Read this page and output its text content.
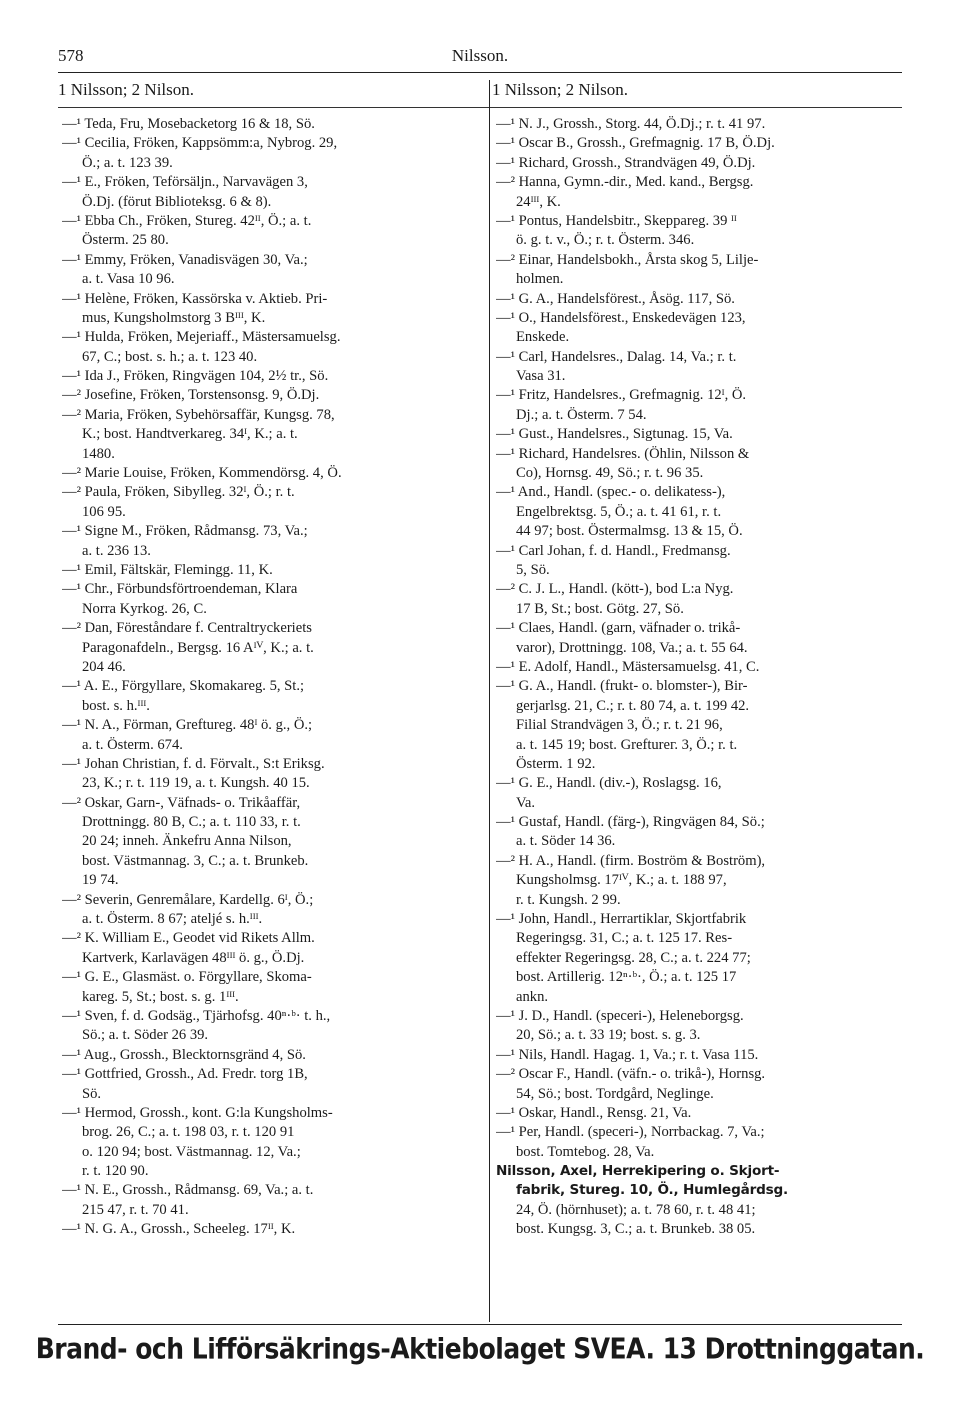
578	Nilsson.
1 Nilsson; 2 Nilson.	1 Nilsson; 2 Nilson.
—¹ Teda, Fru, Mosebacketorg 16 & 18, Sö.
—¹ Cecilia, Fröken, Kappsömm:a, Nybrog. 29,
Ö.; a. t. 123 39.
—¹ E., Fröken, Teförsäljn., Narvavägen 3,
Ö.Dj. (förut Biblioteksg. 6 & 8).
—¹ Ebba Ch., Fröken, Stureg. 42ᴵᴵ, Ö.; a. t.
Österm. 25 80.
—¹ Emmy, Fröken, Vanadisvägen 30, Va.;
a. t. Vasa 10 96.
—¹ Helène, Fröken, Kassörska v. Aktieb. Pri-
mus, Kungsholmstorg 3 Bᴵᴵᴵ, K.
—¹ Hulda, Fröken, Mejeriaff., Mästersamuelsg.
67, C.; bost. s. h.; a. t. 123 40.
—¹ Ida J., Fröken, Ringvägen 104, 2½ tr., Sö.
—² Josefine, Fröken, Torstensonsg. 9, Ö.Dj.
—² Maria, Fröken, Sybehörsaffär, Kungsg. 78,
K.; bost. Handtverkareg. 34ᴵ, K.; a. t.
1480.
—² Marie Louise, Fröken, Kommendörsg. 4, Ö.
—² Paula, Fröken, Sibylleg. 32ᴵ, Ö.; r. t.
106 95.
—¹ Signe M., Fröken, Rådmansg. 73, Va.;
a. t. 236 13.
—¹ Emil, Fältskär, Flemingg. 11, K.
—¹ Chr., Förbundsförtroendeman, Klara
Norra Kyrkog. 26, C.
—² Dan, Föreståndare f. Centraltryckeriets
Paragonafdeln., Bergsg. 16 Aᴵⱽ, K.; a. t.
204 46.
—¹ A. E., Förgyllare, Skomakareg. 5, St.;
bost. s. h.ᴵᴵᴵ.
—¹ N. A., Förman, Greftureg. 48ᴵ ö. g., Ö.;
a. t. Österm. 674.
—¹ Johan Christian, f. d. Förvalt., S:t Eriksg.
23, K.; r. t. 119 19, a. t. Kungsh. 40 15.
—² Oskar, Garn-, Väfnads- o. Trikåaffär,
Drottningg. 80 B, C.; a. t. 110 33, r. t.
20 24; inneh. Änkefru Anna Nilson,
bost. Västmannag. 3, C.; a. t. Brunkeb.
19 74.
—² Severin, Genremålare, Kardellg. 6ᴵ, Ö.;
a. t. Österm. 8 67; ateljé s. h.ᴵᴵᴵ.
—² K. William E., Geodet vid Rikets Allm.
Kartverk, Karlavägen 48ᴵᴵᴵ ö. g., Ö.Dj.
—¹ G. E., Glasmäst. o. Förgyllare, Skoma-
kareg. 5, St.; bost. s. g. 1ᴵᴵᴵ.
—¹ Sven, f. d. Godsäg., Tjärhofsg. 40ⁿ·ᵇ· t. h.,
Sö.; a. t. Söder 26 39.
—¹ Aug., Grossh., Blecktornsgränd 4, Sö.
—¹ Gottfried, Grossh., Ad. Fredr. torg 1B,
Sö.
—¹ Hermod, Grossh., kont. G:la Kungsholms-
brog. 26, C.; a. t. 198 03, r. t. 120 91
o. 120 94; bost. Västmannag. 12, Va.;
r. t. 120 90.
—¹ N. E., Grossh., Rådmansg. 69, Va.; a. t.
215 47, r. t. 70 41.
—¹ N. G. A., Grossh., Scheeleg. 17ᴵᴵ, K.
—¹ N. J., Grossh., Storg. 44, Ö.Dj.; r. t. 41 97.
—¹ Oscar B., Grossh., Grefmagnig. 17 B, Ö.Dj.
—¹ Richard, Grossh., Strandvägen 49, Ö.Dj.
—² Hanna, Gymn.-dir., Med. kand., Bergsg.
24ᴵᴵᴵ, K.
—¹ Pontus, Handelsbitr., Skeppareg. 39 ᴵᴵ
ö. g. t. v., Ö.; r. t. Österm. 346.
—² Einar, Handelsbokh., Årsta skog 5, Lilje-
holmen.
—¹ G. A., Handelsförest., Åsög. 117, Sö.
—¹ O., Handelsförest., Enskedevägen 123,
Enskede.
—¹ Carl, Handelsres., Dalag. 14, Va.; r. t.
Vasa 31.
—¹ Fritz, Handelsres., Grefmagnig. 12ᴵ, Ö.
Dj.; a. t. Österm. 7 54.
—¹ Gust., Handelsres., Sigtunag. 15, Va.
—¹ Richard, Handelsres. (Öhlin, Nilsson &
Co), Hornsg. 49, Sö.; r. t. 96 35.
—¹ And., Handl. (spec.- o. delikatess-),
Engelbrektsg. 5, Ö.; a. t. 41 61, r. t.
44 97; bost. Östermalmsg. 13 & 15, Ö.
—¹ Carl Johan, f. d. Handl., Fredmansg.
5, Sö.
—² C. J. L., Handl. (kött-), bod L:a Nyg.
17 B, St.; bost. Götg. 27, Sö.
—¹ Claes, Handl. (garn, väfnader o. trikå-
varor), Drottningg. 108, Va.; a. t. 55 64.
—¹ E. Adolf, Handl., Mästersamuelsg. 41, C.
—¹ G. A., Handl. (frukt- o. blomster-), Bir-
gerjarlsg. 21, C.; r. t. 80 74, a. t. 199 42.
Filial Strandvägen 3, Ö.; r. t. 21 96,
a. t. 145 19; bost. Grefturег. 3, Ö.; r. t.
Österm. 1 92.
—¹ G. E., Handl. (div.-), Roslagsg. 16,
Va.
—¹ Gustaf, Handl. (färg-), Ringvägen 84, Sö.;
a. t. Söder 14 36.
—² H. A., Handl. (firm. Boström & Boström),
Kungsholmsg. 17ᴵⱽ, K.; a. t. 188 97,
r. t. Kungsh. 2 99.
—¹ John, Handl., Herrartiklar, Skjortfabrik
Regeringsg. 31, C.; a. t. 125 17. Res-
effekter Regeringsg. 28, C.; a. t. 224 77;
bost. Artillerig. 12ⁿ·ᵇ·, Ö.; a. t. 125 17
ankn.
—¹ J. D., Handl. (speceri-), Heleneborgsg.
20, Sö.; a. t. 33 19; bost. s. g. 3.
—¹ Nils, Handl. Hagag. 1, Va.; r. t. Vasa 115.
—² Oscar F., Handl. (väfn.- o. trikå-), Hornsg.
54, Sö.; bost. Tordgård, Neglinge.
—¹ Oskar, Handl., Rensg. 21, Va.
—¹ Per, Handl. (speceri-), Norrbackag. 7, Va.;
bost. Tomtebog. 28, Va.
Nilsson, Axel, Herrekipering o. Skjort-
fabrik, Stureg. 10, Ö., Humlegårdsg.
24, Ö. (hörnhuset); a. t. 78 60, r. t. 48 41;
bost. Kungsg. 3, C.; a. t. Brunkeb. 38 05.
Brand- och Lifförsäkrings-Aktiebolaget SVEA. 13 Drottninggatan.
